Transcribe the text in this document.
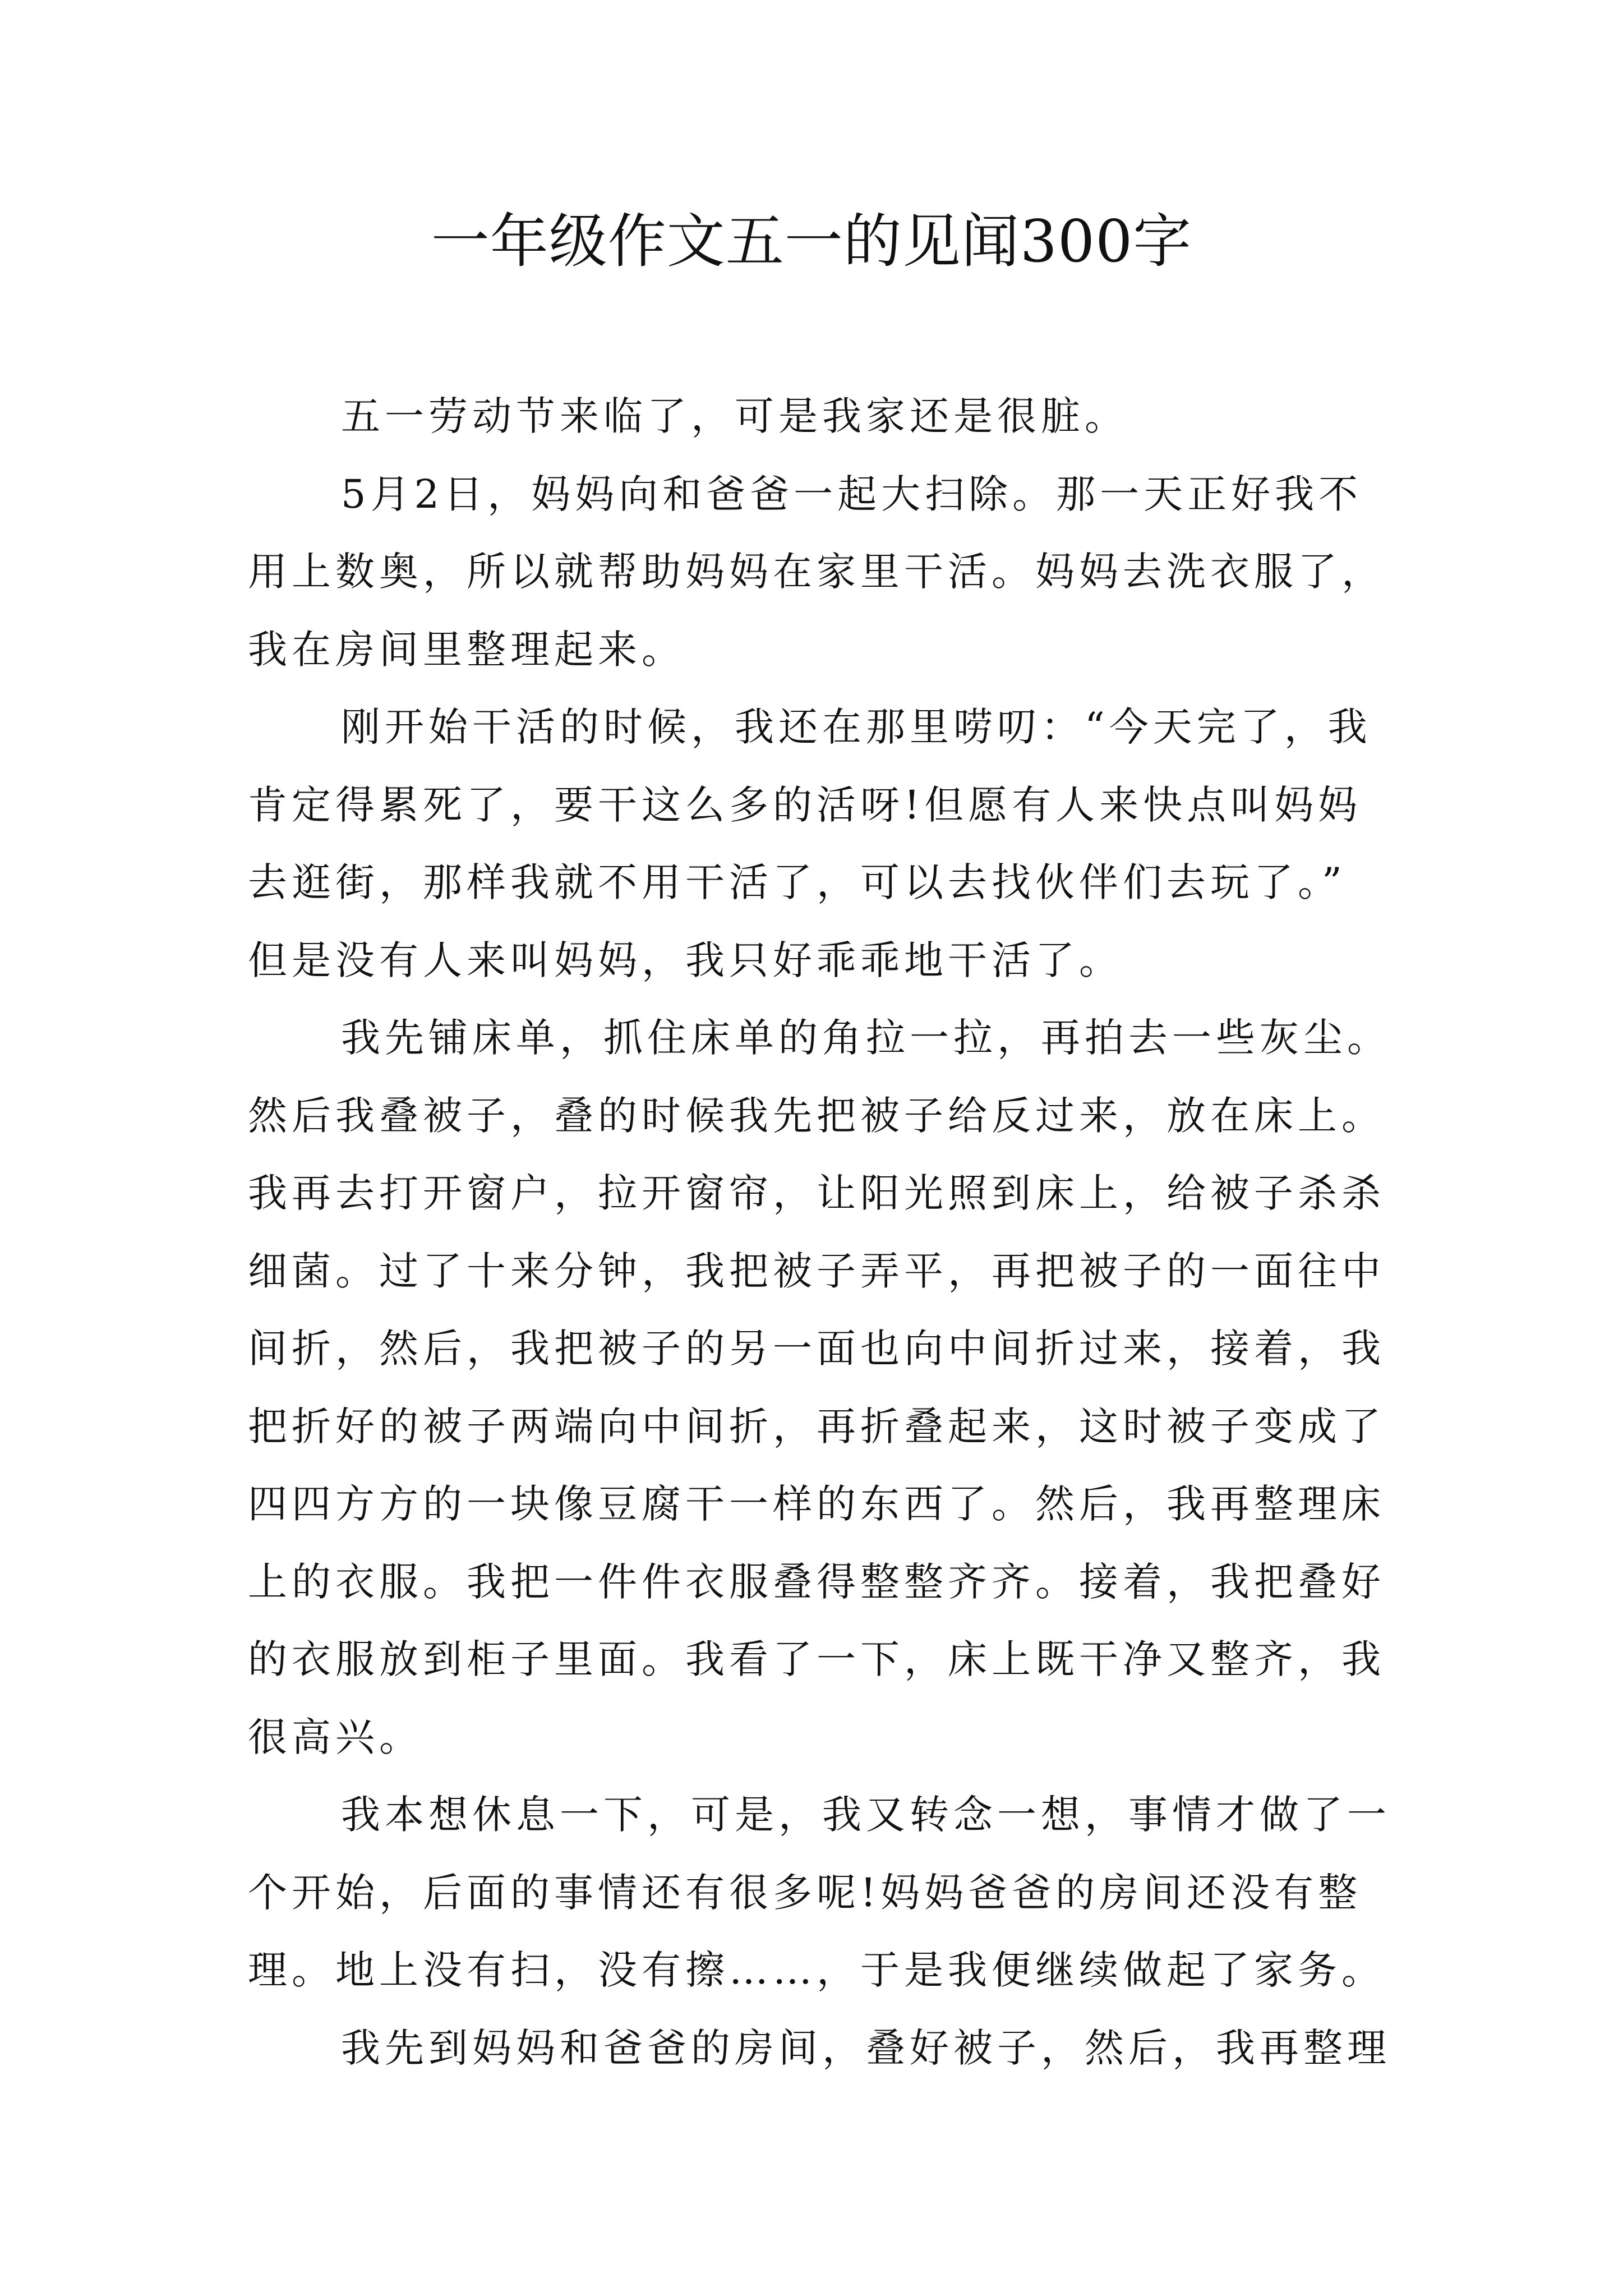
一年级作文五一的见闻300字
五一劳动节来临了，可是我家还是很脏。
5月2日，妈妈向和爸爸一起大扫除。那一天正好我不
用上数奥，所以就帮助妈妈在家里干活。妈妈去洗衣服了，
我在房间里整理起来。
刚开始干活的时候，我还在那里唠叨：“今天完了，我
肯定得累死了，要干这么多的活呀!但愿有人来快点叫妈妈
去逛街，那样我就不用干活了，可以去找伙伴们去玩了。”
但是没有人来叫妈妈，我只好乖乖地干活了。
我先铺床单，抓住床单的角拉一拉，再拍去一些灰尘。
然后我叠被子，叠的时候我先把被子给反过来，放在床上。
我再去打开窗户，拉开窗帘，让阳光照到床上，给被子杀杀
细菌。过了十来分钟，我把被子弄平，再把被子的一面往中
间折，然后，我把被子的另一面也向中间折过来，接着，我
把折好的被子两端向中间折，再折叠起来，这时被子变成了
四四方方的一块像豆腐干一样的东西了。然后，我再整理床
上的衣服。我把一件件衣服叠得整整齐齐。接着，我把叠好
的衣服放到柜子里面。我看了一下，床上既干净又整齐，我
很高兴。
我本想休息一下，可是，我又转念一想，事情才做了一
个开始，后面的事情还有很多呢!妈妈爸爸的房间还没有整
理。地上没有扫，没有擦……，于是我便继续做起了家务。
我先到妈妈和爸爸的房间，叠好被子，然后，我再整理
